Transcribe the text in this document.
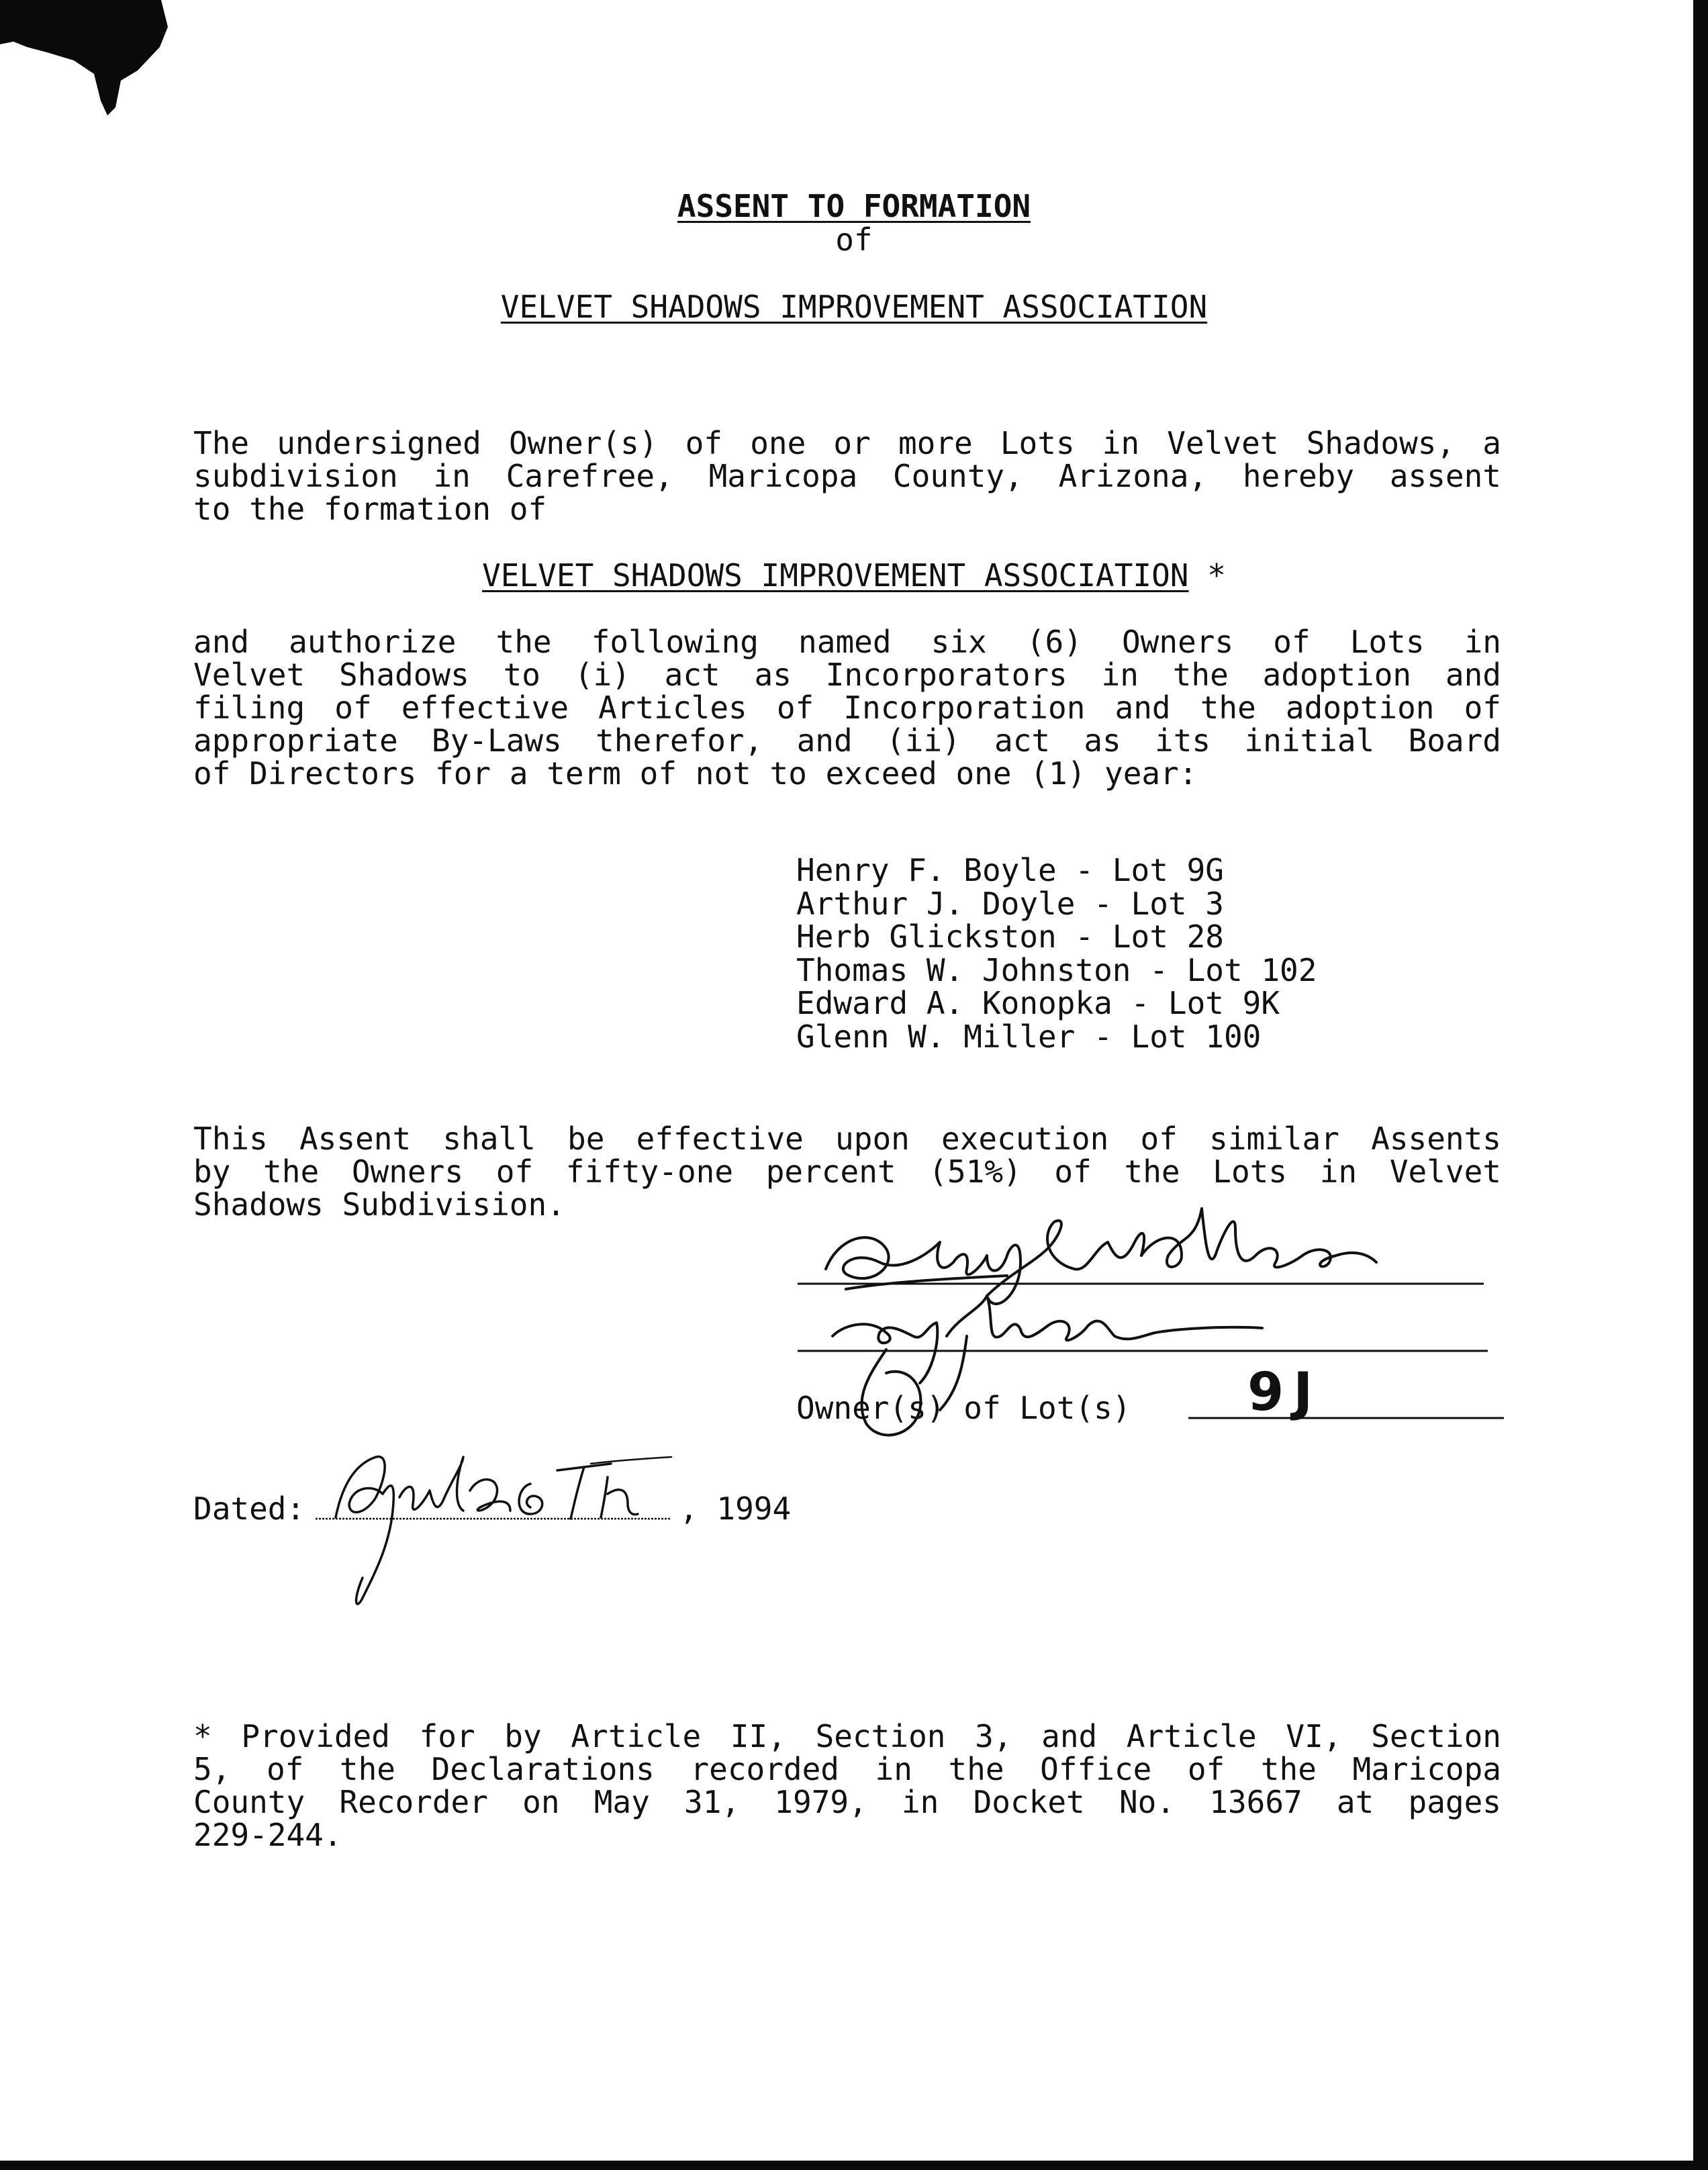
ASSENT TO FORMATION
of
VELVET SHADOWS IMPROVEMENT ASSOCIATION
The undersigned Owner(s) of one or more Lots in Velvet Shadows, a
subdivision in Carefree, Maricopa County, Arizona, hereby assent
to the formation of
VELVET SHADOWS IMPROVEMENT ASSOCIATION *
and authorize the following named six (6) Owners of Lots in
Velvet Shadows to (i) act as Incorporators in the adoption and
filing of effective Articles of Incorporation and the adoption of
appropriate By-Laws therefor, and (ii) act as its initial Board
of Directors for a term of not to exceed one (1) year:
Henry F. Boyle - Lot 9G
Arthur J. Doyle - Lot 3
Herb Glickston - Lot 28
Thomas W. Johnston - Lot 102
Edward A. Konopka - Lot 9K
Glenn W. Miller - Lot 100
This Assent shall be effective upon execution of similar Assents
by the Owners of fifty-one percent (51%) of the Lots in Velvet
Shadows Subdivision.
Owner(s) of Lot(s) 9J
Dated:	, 1994
* Provided for by Article II, Section 3, and Article VI, Section
5, of the Declarations recorded in the Office of the Maricopa
County Recorder on May 31, 1979, in Docket No. 13667 at pages
229-244.
